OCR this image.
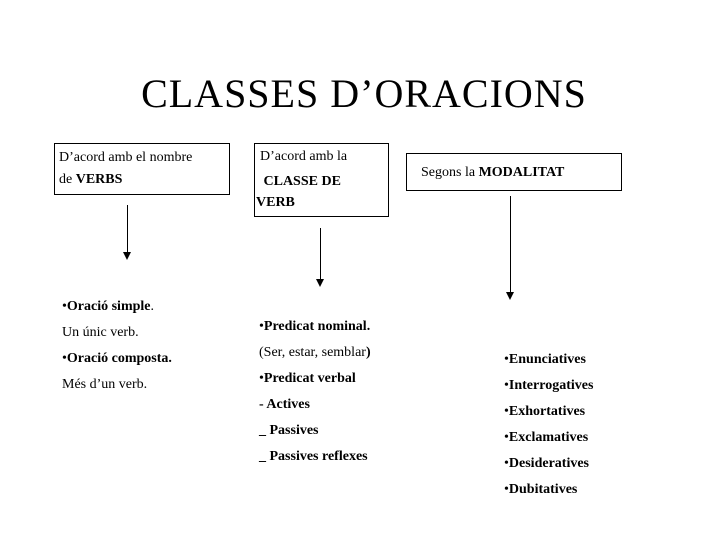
CLASSES D’ORACIONS
D’acord amb el nombre
de VERBS
D’acord amb la
CLASSE DE
VERB
Segons la MODALITAT
•Oració simple.
Un únic verb.
•Oració composta.
Més d’un verb.
•Predicat nominal.
(Ser, estar, semblar)
•Predicat verbal
- Actives
_ Passives
_ Passives reflexes
•Enunciatives
•Interrogatives
•Exhortatives
•Exclamatives
•Desideratives
•Dubitatives
